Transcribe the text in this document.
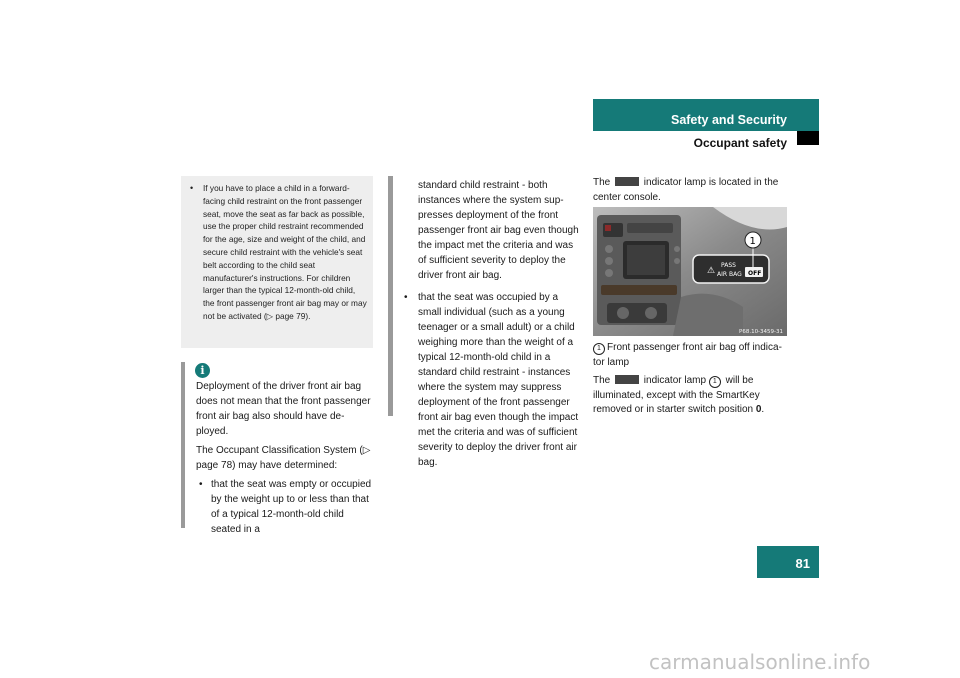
Safety and Security
Occupant safety
• If you have to place a child in a forward-facing child restraint on the front passenger seat, move the seat as far back as possible, use the proper child restraint recommended for the age, size and weight of the child, and secure child restraint with the vehicle's seat belt according to the child seat manufacturer's instructions. For children larger than the typical 12-month-old child, the front passenger front air bag may or may not be activated (▷ page 79).
i

Deployment of the driver front air bag does not mean that the front passenger front air bag also should have de-ployed.

The Occupant Classification System (▷ page 78) may have determined:

• that the seat was empty or occupied by the weight up to or less than that of a typical 12-month-old child seated in a

standard child restraint - both instances where the system sup-presses deployment of the front passenger front air bag even though the impact met the criteria and was of sufficient severity to deploy the driver front air bag.

• that the seat was occupied by a small individual (such as a young teenager or a small adult) or a child weighing more than the weight of a typical 12-month-old child in a standard child restraint - instances where the system may suppress deployment of the front passenger front air bag even though the impact met the criteria and was of sufficient severity to deploy the driver front air bag.

The	indicator lamp is located in the center console.

⚠
PASS
AIR BAG OFF
1
P68.10-3459-31
1 Front passenger front air bag off indica-tor lamp
The	indicator lamp 1 will be illuminated, except with the SmartKey removed or in starter switch position 0.
81
carmanualsonline.info
